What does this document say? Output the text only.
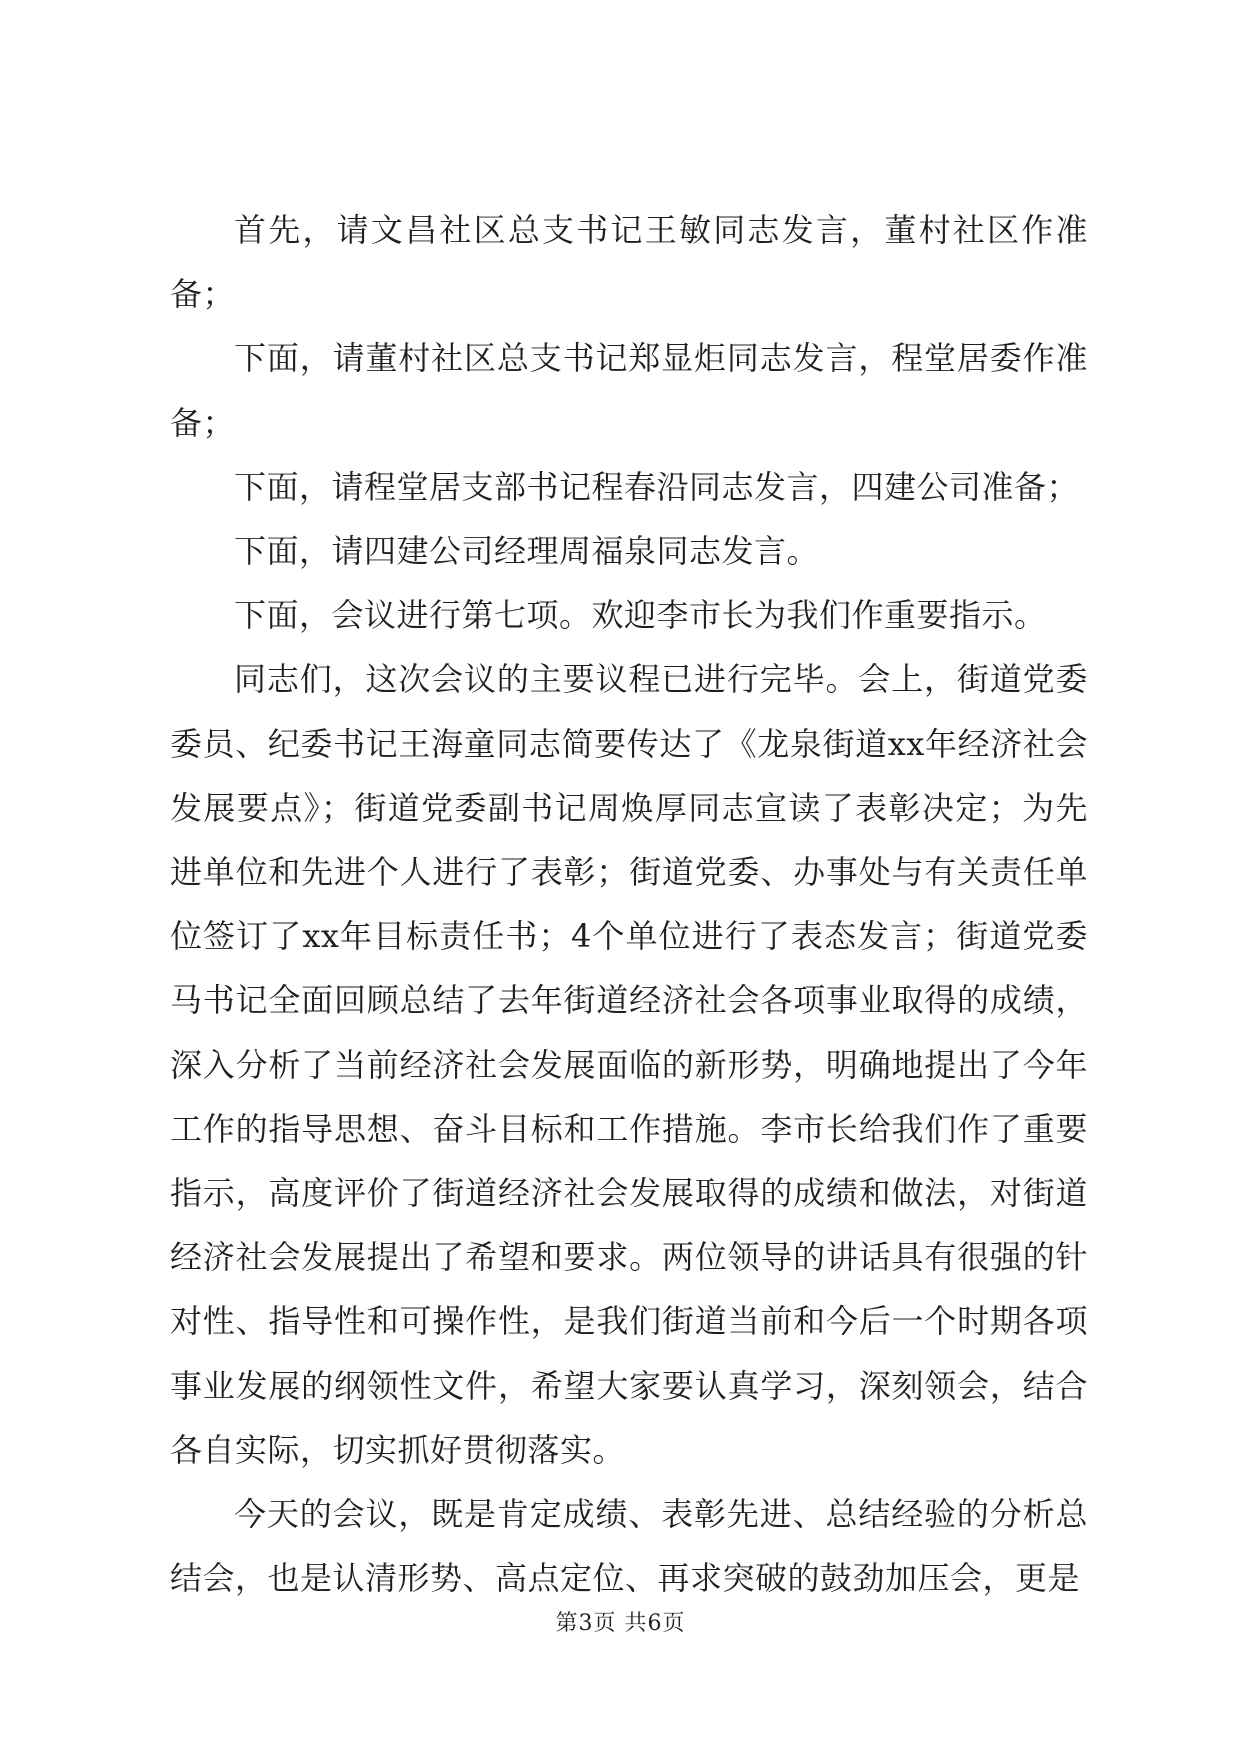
首先，请文昌社区总支书记王敏同志发言，董村社区作准备；

下面，请董村社区总支书记郑显炬同志发言，程堂居委作准备；

下面，请程堂居支部书记程春沿同志发言，四建公司准备；

下面，请四建公司经理周福泉同志发言。

下面，会议进行第七项。欢迎李市长为我们作重要指示。

同志们，这次会议的主要议程已进行完毕。会上，街道党委委员、纪委书记王海童同志简要传达了《龙泉街道xx年经济社会发展要点》；街道党委副书记周焕厚同志宣读了表彰决定；为先进单位和先进个人进行了表彰；街道党委、办事处与有关责任单位签订了xx年目标责任书；4个单位进行了表态发言；街道党委马书记全面回顾总结了去年街道经济社会各项事业取得的成绩，深入分析了当前经济社会发展面临的新形势，明确地提出了今年工作的指导思想、奋斗目标和工作措施。李市长给我们作了重要指示，高度评价了街道经济社会发展取得的成绩和做法，对街道经济社会发展提出了希望和要求。两位领导的讲话具有很强的针对性、指导性和可操作性，是我们街道当前和今后一个时期各项事业发展的纲领性文件，希望大家要认真学习，深刻领会，结合各自实际，切实抓好贯彻落实。

今天的会议，既是肯定成绩、表彰先进、总结经验的分析总结会，也是认清形势、高点定位、再求突破的鼓劲加压会，更是

第3页 共6页
